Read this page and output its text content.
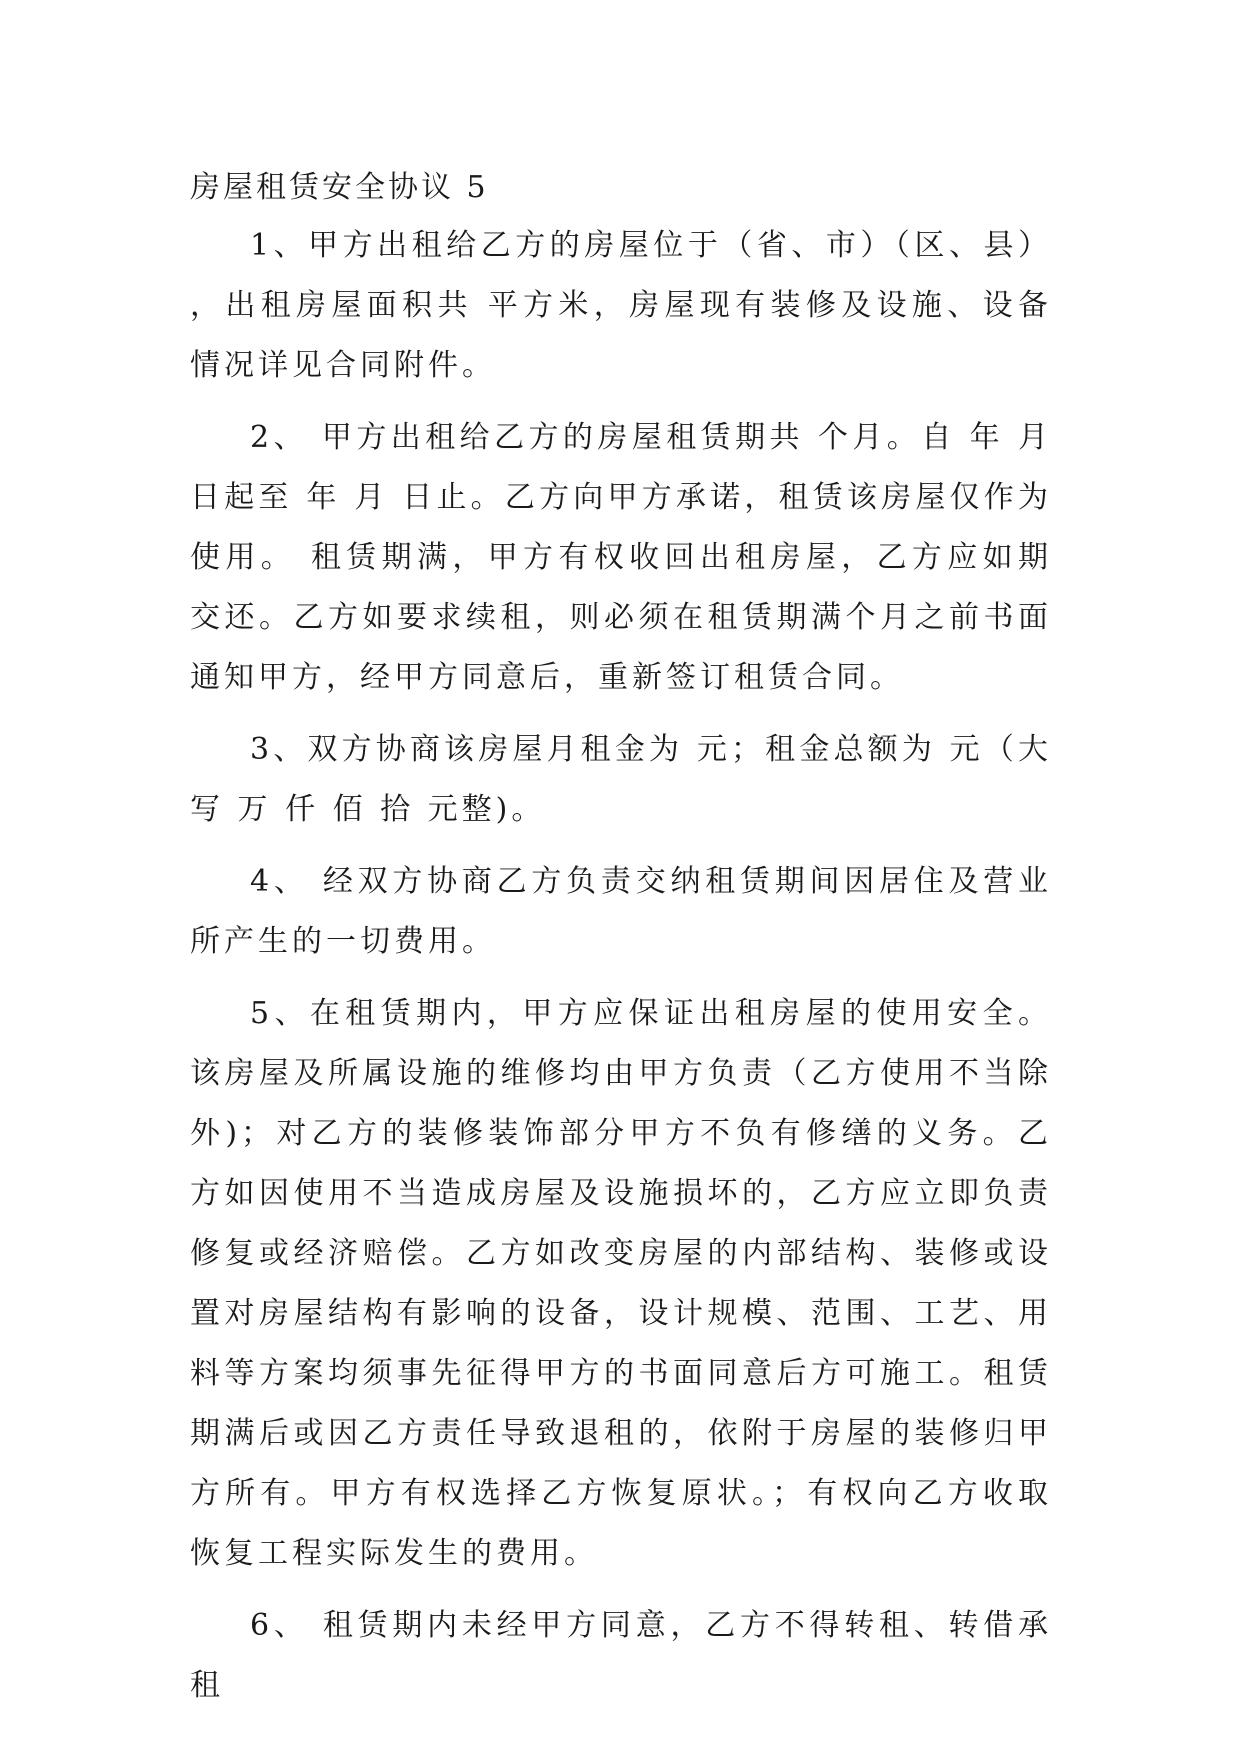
房屋租赁安全协议 5

1、甲方出租给乙方的房屋位于（省、市）（区、县） ，出租房屋面积共 平方米，房屋现有装修及设施、设备情况详见合同附件。

2、 甲方出租给乙方的房屋租赁期共 个月。自 年 月 日起至 年 月 日止。乙方向甲方承诺，租赁该房屋仅作为 使用。 租赁期满，甲方有权收回出租房屋，乙方应如期交还。乙方如要求续租，则必须在租赁期满个月之前书面通知甲方，经甲方同意后，重新签订租赁合同。

3、双方协商该房屋月租金为 元；租金总额为 元（大写 万 仟 佰 拾 元整)。

4、 经双方协商乙方负责交纳租赁期间因居住及营业所产生的一切费用。

5、在租赁期内，甲方应保证出租房屋的使用安全。该房屋及所属设施的维修均由甲方负责（乙方使用不当除外)；对乙方的装修装饰部分甲方不负有修缮的义务。乙方如因使用不当造成房屋及设施损坏的，乙方应立即负责修复或经济赔偿。乙方如改变房屋的内部结构、装修或设置对房屋结构有影响的设备，设计规模、范围、工艺、用料等方案均须事先征得甲方的书面同意后方可施工。租赁期满后或因乙方责任导致退租的，依附于房屋的装修归甲方所有。甲方有权选择乙方恢复原状。；有权向乙方收取恢复工程实际发生的费用。

6、 租赁期内未经甲方同意，乙方不得转租、转借承租
